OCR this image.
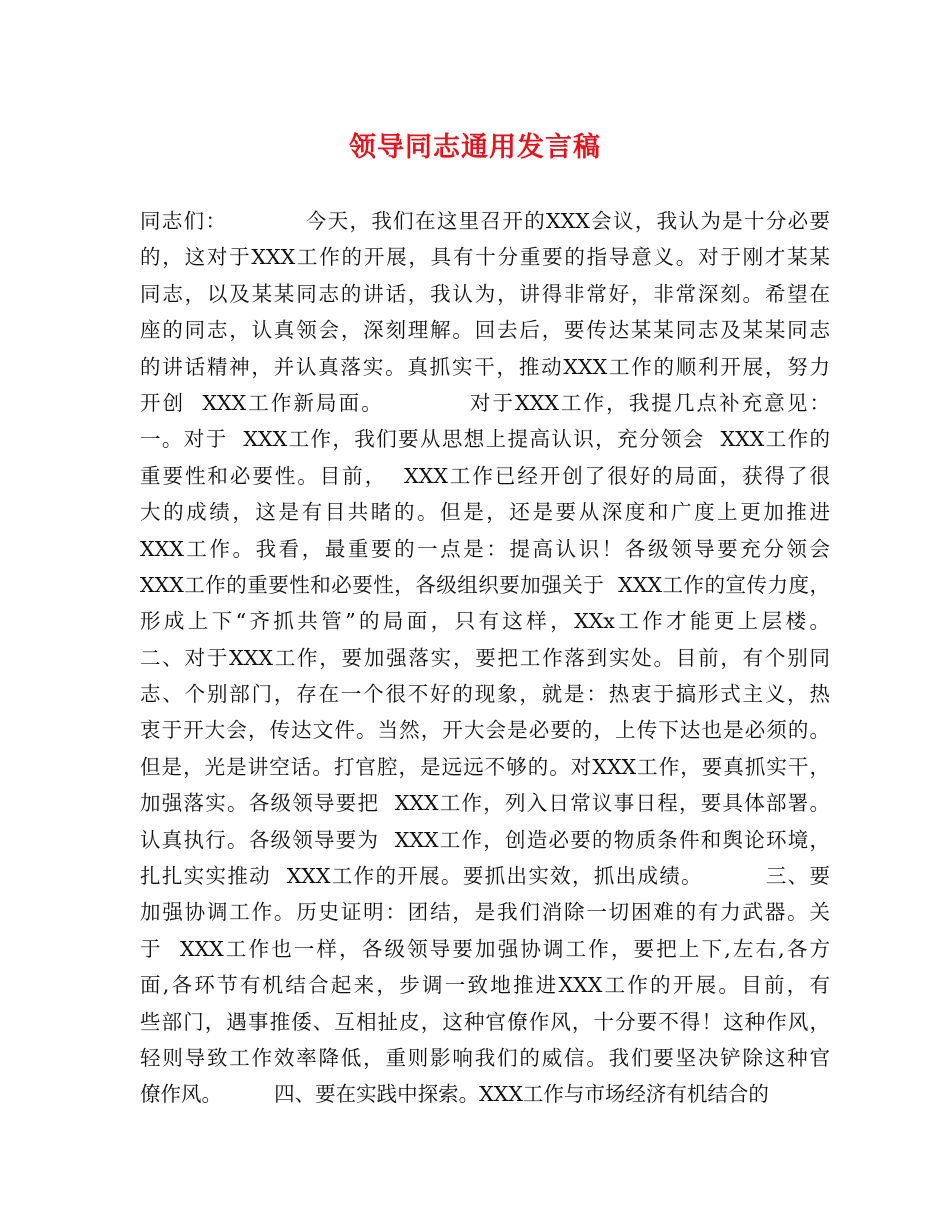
领导同志通用发言稿
同志们：          今天，我们在这里召开的XXX会议，我认为是十分必要
的，这对于XXX工作的开展，具有十分重要的指导意义。对于刚才某某
同志，以及某某同志的讲话，我认为，讲得非常好，非常深刻。希望在
座的同志，认真领会，深刻理解。回去后，要传达某某同志及某某同志
的讲话精神，并认真落实。真抓实干，推动XXX工作的顺利开展，努力
开创  XXX工作新局面。          对于XXX工作，我提几点补充意见：
一。对于  XXX工作，我们要从思想上提高认识，充分领会  XXX工作的
重要性和必要性。目前，  XXX工作已经开创了很好的局面，获得了很
大的成绩，这是有目共睹的。但是，还是要从深度和广度上更加推进
XXX工作。我看，最重要的一点是：提高认识！各级领导要充分领会
XXX工作的重要性和必要性，各级组织要加强关于  XXX工作的宣传力度，
形成上下“齐抓共管”的局面，只有这样，XXx工作才能更上层楼。
二、对于XXX工作，要加强落实，要把工作落到实处。目前，有个别同
志、个别部门，存在一个很不好的现象，就是：热衷于搞形式主义，热
衷于开大会，传达文件。当然，开大会是必要的，上传下达也是必须的。
但是，光是讲空话。打官腔，是远远不够的。对XXX工作，要真抓实干，
加强落实。各级领导要把  XXX工作，列入日常议事日程，要具体部署。
认真执行。各级领导要为  XXX工作，创造必要的物质条件和舆论环境，
扎扎实实推动  XXX工作的开展。要抓出实效，抓出成绩。        三、要
加强协调工作。历史证明：团结，是我们消除一切困难的有力武器。关
于  XXX工作也一样，各级领导要加强协调工作，要把上下,左右,各方
面,各环节有机结合起来，步调一致地推进XXX工作的开展。目前，有
些部门，遇事推倭、互相扯皮，这种官僚作风，十分要不得！这种作风，
轻则导致工作效率降低，重则影响我们的威信。我们要坚决铲除这种官
僚作风。        四、要在实践中探索。XXX工作与市场经济有机结合的
